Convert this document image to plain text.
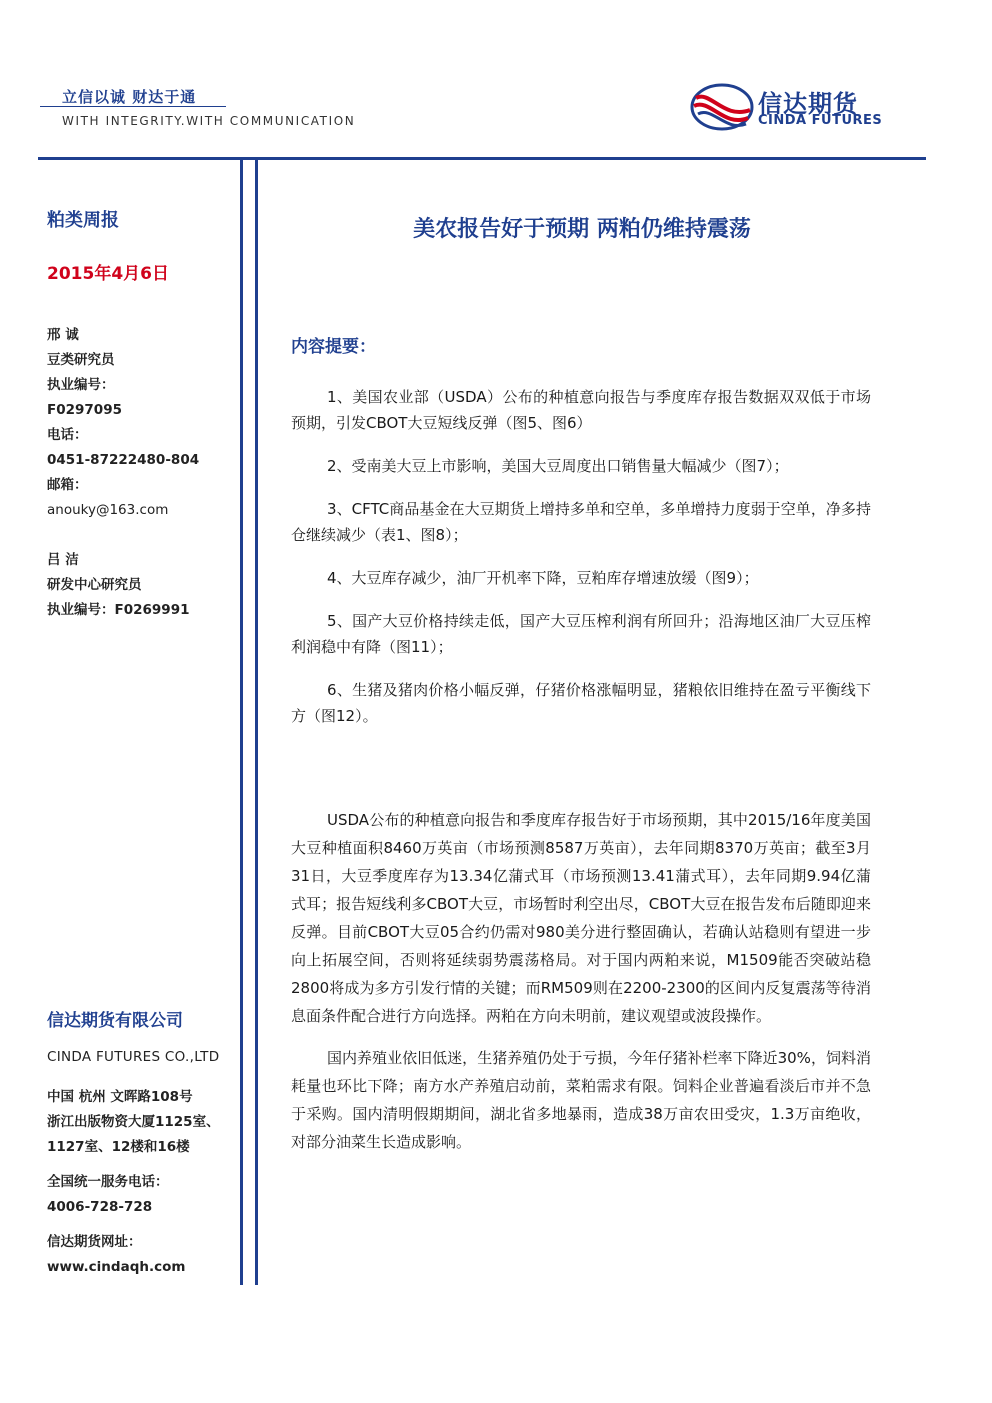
立信以诚 财达于通
WITH INTEGRITY.WITH COMMUNICATION
信达期货
CINDA FUTURES
粕类周报
2015年4月6日
邢 诚
豆类研究员
执业编号：
F0297095
电话：
0451-87222480-804
邮箱：
anouky@163.com
吕 洁
研发中心研究员
执业编号：F0269991
信达期货有限公司
CINDA FUTURES CO.,LTD
中国 杭州 文晖路108号
浙江出版物资大厦1125室、
1127室、12楼和16楼
全国统一服务电话：
4006-728-728
信达期货网址：
www.cindaqh.com
美农报告好于预期 两粕仍维持震荡
内容提要：
1、美国农业部（USDA）公布的种植意向报告与季度库存报告数据双双低于市场预期，引发CBOT大豆短线反弹（图5、图6）
2、受南美大豆上市影响，美国大豆周度出口销售量大幅减少（图7）；
3、CFTC商品基金在大豆期货上增持多单和空单，多单增持力度弱于空单，净多持仓继续减少（表1、图8）；
4、大豆库存减少，油厂开机率下降，豆粕库存增速放缓（图9）；
5、国产大豆价格持续走低，国产大豆压榨利润有所回升；沿海地区油厂大豆压榨利润稳中有降（图11）；
6、生猪及猪肉价格小幅反弹，仔猪价格涨幅明显，猪粮依旧维持在盈亏平衡线下方（图12）。

USDA公布的种植意向报告和季度库存报告好于市场预期，其中2015/16年度美国大豆种植面积8460万英亩（市场预测8587万英亩），去年同期8370万英亩；截至3月31日，大豆季度库存为13.34亿蒲式耳（市场预测13.41蒲式耳），去年同期9.94亿蒲式耳；报告短线利多CBOT大豆，市场暂时利空出尽，CBOT大豆在报告发布后随即迎来反弹。目前CBOT大豆05合约仍需对980美分进行整固确认，若确认站稳则有望进一步向上拓展空间，否则将延续弱势震荡格局。对于国内两粕来说，M1509能否突破站稳2800将成为多方引发行情的关键；而RM509则在2200-2300的区间内反复震荡等待消息面条件配合进行方向选择。两粕在方向未明前，建议观望或波段操作。

国内养殖业依旧低迷，生猪养殖仍处于亏损，今年仔猪补栏率下降近30%，饲料消耗量也环比下降；南方水产养殖启动前，菜粕需求有限。饲料企业普遍看淡后市并不急于采购。国内清明假期期间，湖北省多地暴雨，造成38万亩农田受灾，1.3万亩绝收，对部分油菜生长造成影响。
